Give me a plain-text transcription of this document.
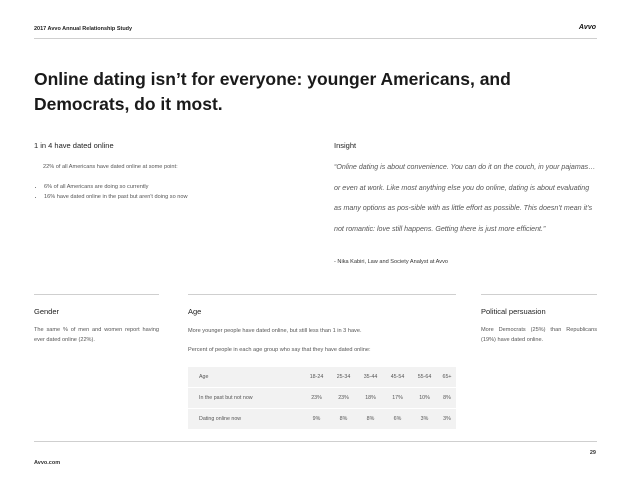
2017 Avvo Annual Relationship Study	Avvo
Online dating isn’t for everyone: younger Americans, and Democrats, do it most.
1 in 4 have dated online
22% of all Americans have dated online at some point:
• 6% of all Americans are doing so currently
• 16% have dated online in the past but aren't doing so now
Insight
“Online dating is about convenience. You can do it on the couch, in your pajamas… or even at work. Like most anything else you do online, dating is about evaluating as many options as pos-sible with as little effort as possible. This doesn’t mean it’s not romantic: love still happens. Getting there is just more efficient.”
- Nika Kabiri, Law and Society Analyst at Avvo
Gender
The same % of men and women report having ever dated online (22%).
Age
More younger people have dated online, but still less than 1 in 3 have.
Percent of people in each age group who say that they have dated online:
Age	18-24	25-34	35-44	45-54	55-64	65+
In the past but not now	23%	23%	18%	17%	10%	8%
Dating online now	9%	8%	8%	6%	3%	3%
Political persuasion
More Democrats (25%) than Republicans (19%) have dated online.
29
Avvo.com
